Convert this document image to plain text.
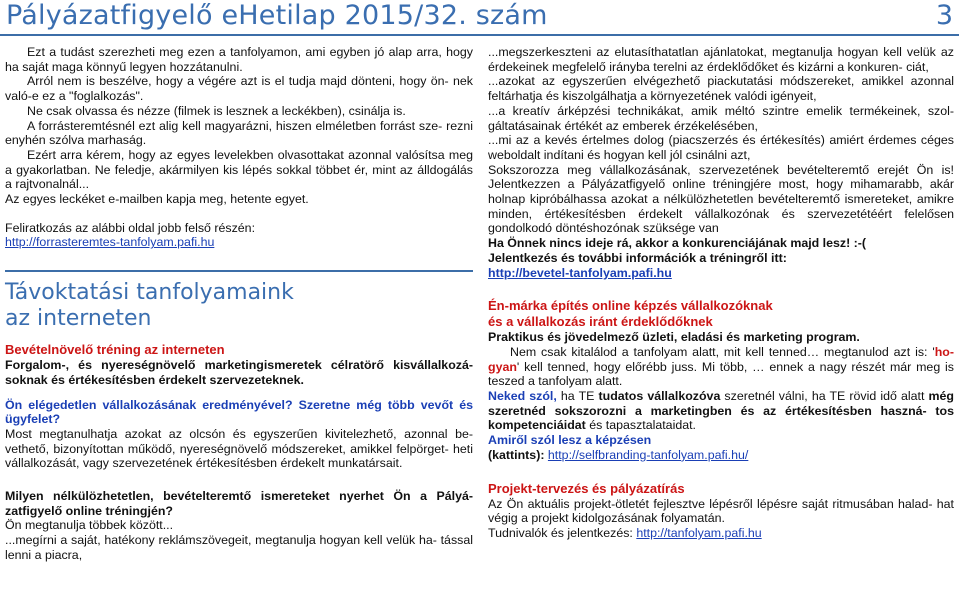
Pályázatfigyelő eHetilap 2015/32. szám	3

Ezt a tudást szerezheti meg ezen a tanfolyamon, ami egyben jó alap arra, hogy ha saját maga könnyű legyen hozzátanulni.

Arról nem is beszélve, hogy a végére azt is el tudja majd dönteni, hogy ön- nek való-e ez a "foglalkozás".

Ne csak olvassa és nézze (filmek is lesznek a leckékben), csinálja is.

A forrásteremtésnél ezt alig kell magyarázni, hiszen elméletben forrást sze- rezni enyhén szólva marhaság.

Ezért arra kérem, hogy az egyes levelekben olvasottakat azonnal valósítsa meg a gyakorlatban. Ne feledje, akármilyen kis lépés sokkal többet ér, mint az álldogálás a rajtvonalnál...

Az egyes leckéket e-mailben kapja meg, hetente egyet.

Feliratkozás az alábbi oldal jobb felső részén:

http://forrasteremtes-tanfolyam.pafi.hu
Távoktatási tanfolyamaink
az interneten
Bevételnövelő tréning az interneten

Forgalom-, és nyereségnövelő marketingismeretek célratörő kisvállalkozá- soknak és értékesítésben érdekelt szervezeteknek.

Ön elégedetlen vállalkozásának eredményével? Szeretne még több vevőt és ügyfelet?

Most megtanulhatja azokat az olcsón és egyszerűen kivitelezhető, azonnal be- vethető, bizonyítottan működő, nyereségnövelő módszereket, amikkel felpörget- heti vállalkozását, vagy szervezetének értékesítésben érdekelt munkatársait.

Milyen nélkülözhetetlen, bevételteremtő ismereteket nyerhet Ön a Pályá- zatfigyelő online tréningjén?

Ön megtanulja többek között...

...megírni a saját, hatékony reklámszövegeit, megtanulja hogyan kell velük ha- tással lenni a piacra,

...megszerkeszteni az elutasíthatatlan ajánlatokat, megtanulja hogyan kell velük az érdekeinek megfelelő irányba terelni az érdeklődőket és kizárni a konkuren- ciát,

...azokat az egyszerűen elvégezhető piackutatási módszereket, amikkel azonnal feltárhatja és kiszolgálhatja a környezetének valódi igényeit,

...a kreatív árképzési technikákat, amik méltó szintre emelik termékeinek, szol- gáltatásainak értékét az emberek érzékelésében,

...mi az a kevés értelmes dolog (piacszerzés és értékesítés) amiért érdemes céges weboldalt indítani és hogyan kell jól csinálni azt,

Sokszorozza meg vállalkozásának, szervezetének bevételteremtő erejét Ön is! Jelentkezzen a Pályázatfigyelő online tréningjére most, hogy mihamarabb, akár holnap kipróbálhassa azokat a nélkülözhetetlen bevételteremtő ismereteket, amikre minden, értékesítésben érdekelt vállalkozónak és szervezetétéért felelősen gondolkodó döntéshozónak szüksége van

Ha Önnek nincs ideje rá, akkor a konkurenciájának majd lesz! :-(

Jelentkezés és további információk a tréningről itt:

http://bevetel-tanfolyam.pafi.hu
Én-márka építés online képzés vállalkozóknak
és a vállalkozás iránt érdeklődőknek

Praktikus és jövedelmező üzleti, eladási és marketing program.

Nem csak kitalálod a tanfolyam alatt, mit kell tenned… megtanulod azt is: 'ho- gyan' kell tenned, hogy előrébb juss. Mi több, … ennek a nagy részét már meg is teszed a tanfolyam alatt.

Neked szól, ha TE tudatos vállalkozóva szeretnél válni, ha TE rövid idő alatt még szeretnéd sokszorozni a marketingben és az értékesítésben haszná- tos kompetenciáidat és tapasztalataidat.

Amiről szól lesz a képzésen

(kattints): http://selfbranding-tanfolyam.pafi.hu/

Projekt-tervezés és pályázatírás

Az Ön aktuális projekt-ötletét fejlesztve lépésről lépésre saját ritmusában halad- hat végig a projekt kidolgozásának folyamatán.

Tudnivalók és jelentkezés: http://tanfolyam.pafi.hu
